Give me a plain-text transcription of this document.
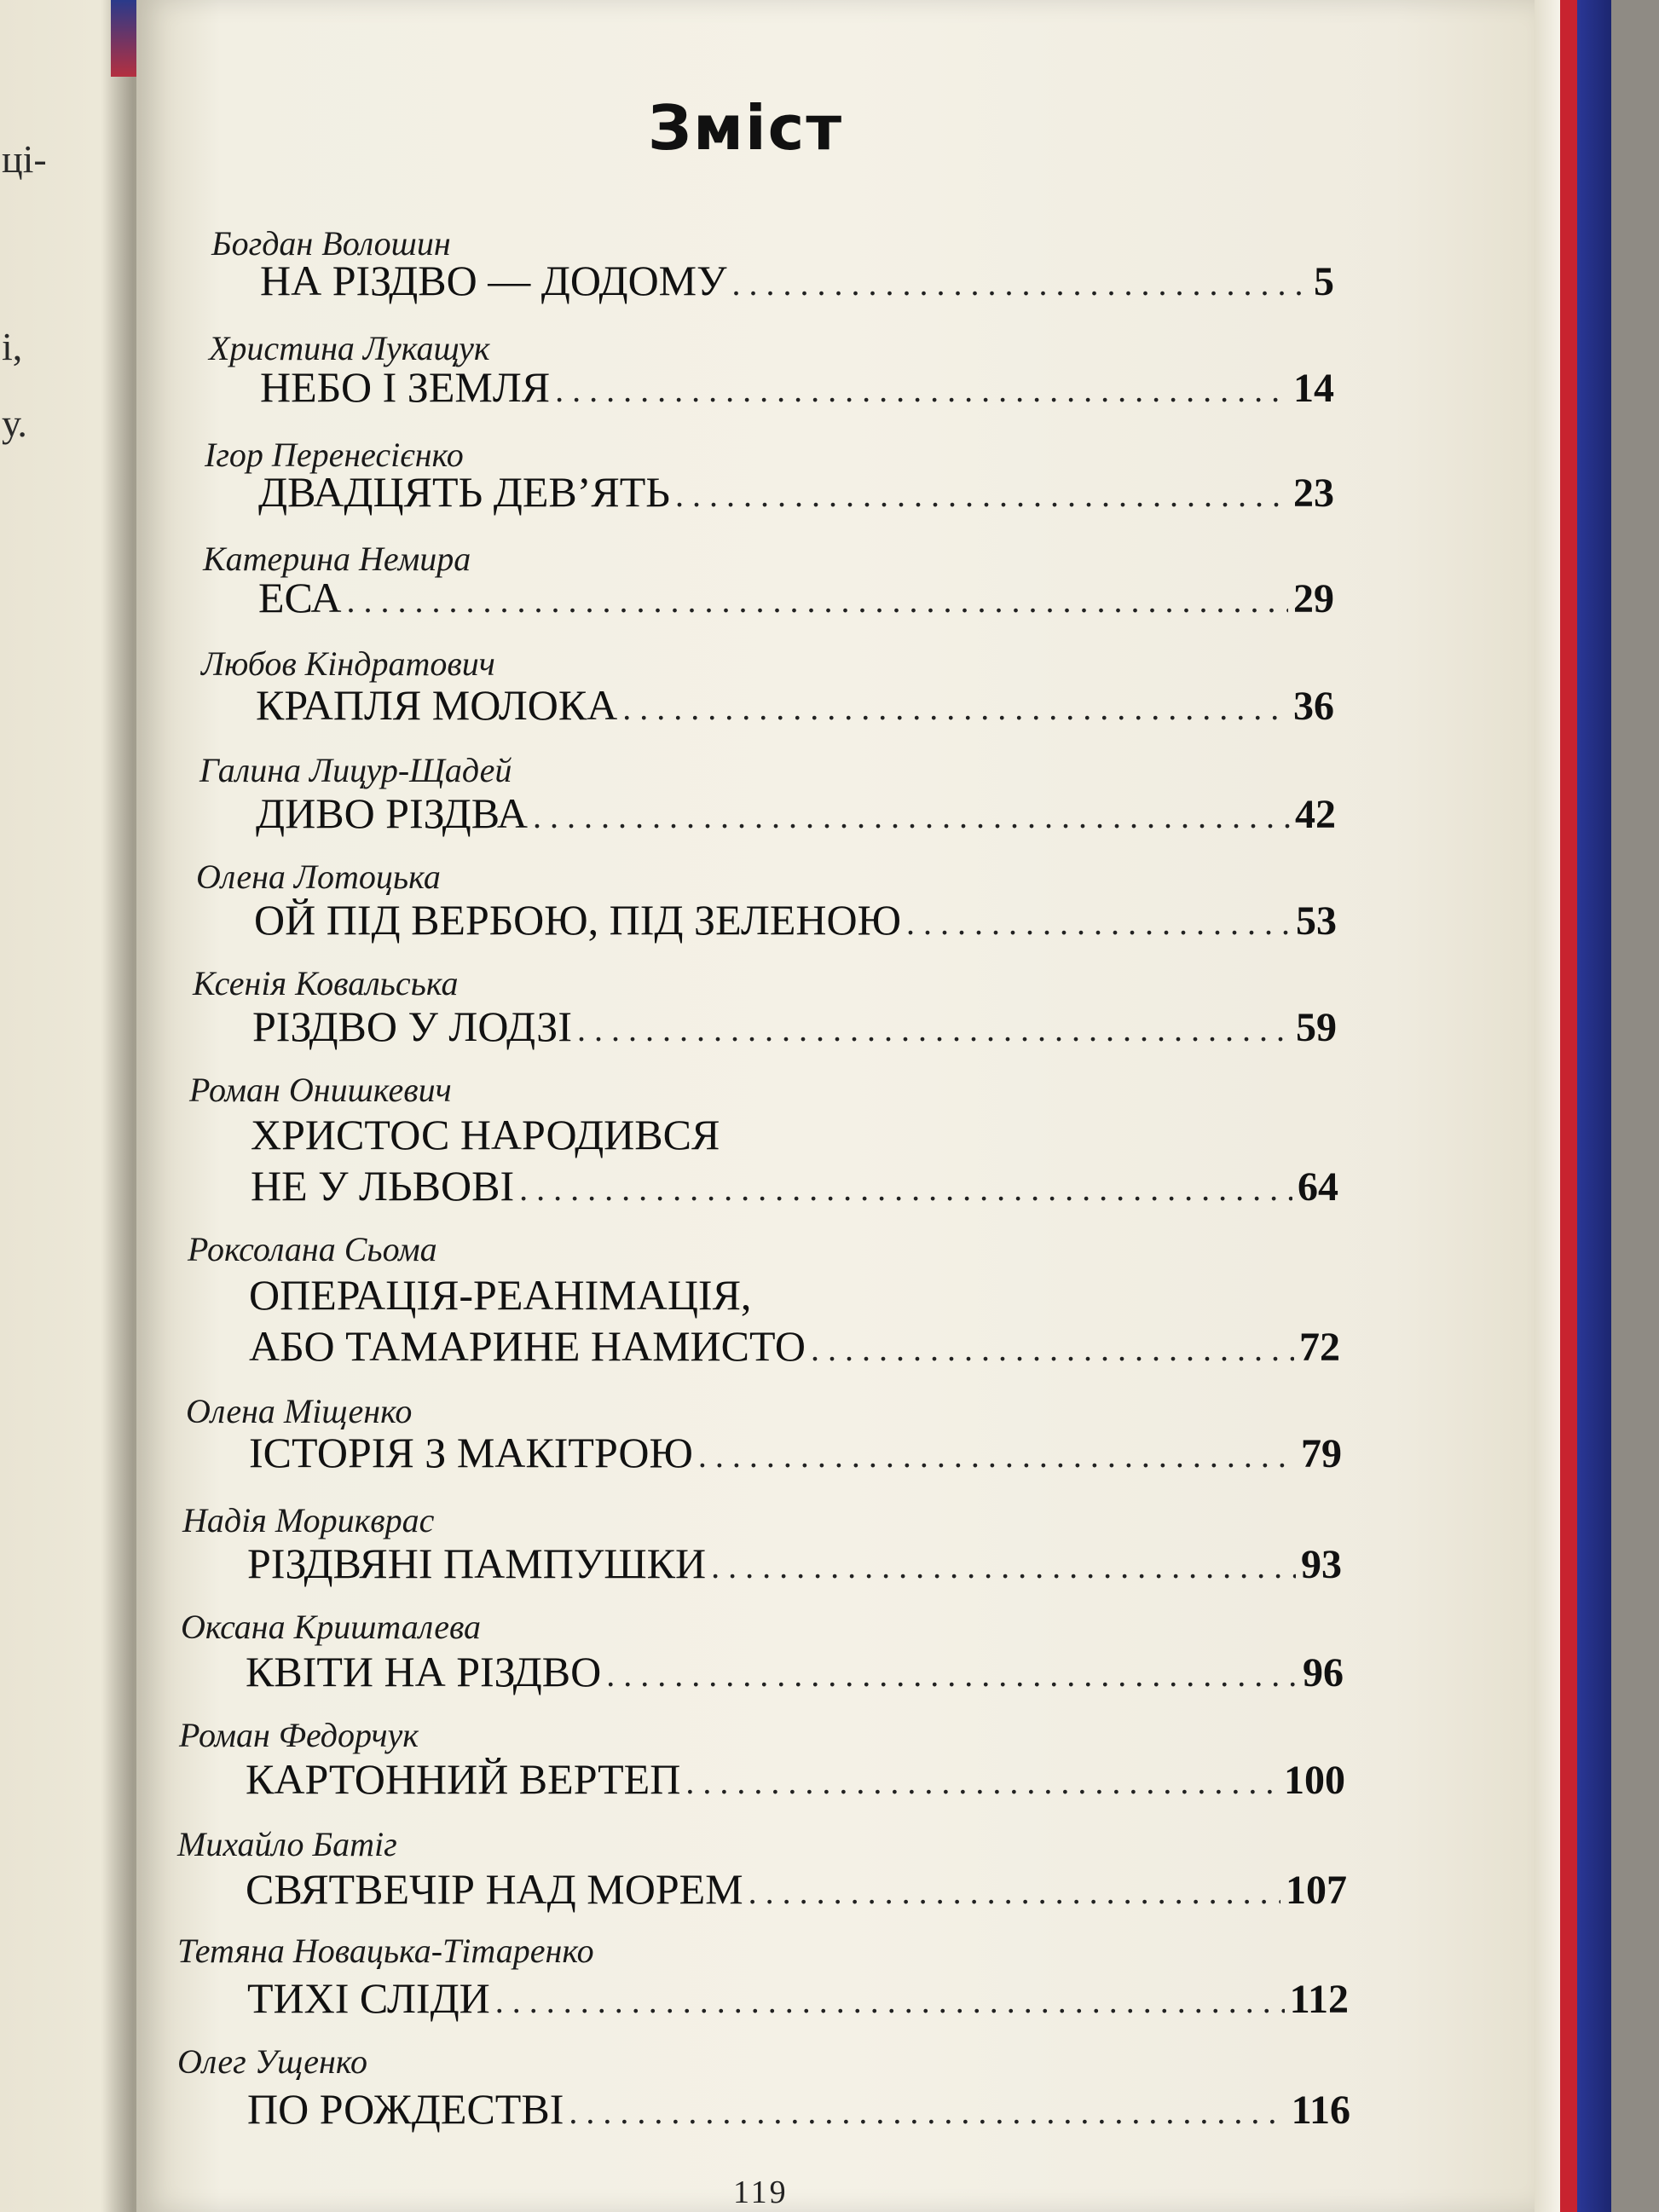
ці-
і,
у.
Зміст
Богдан Волошин
НА РІЗДВО — ДОДОМУ . . .	5
Христина Лукащук
НЕБО І ЗЕМЛЯ . . .	14
Ігор Перенесієнко
ДВАДЦЯТЬ ДЕВ’ЯТЬ . . .	23
Катерина Немира
ЕСА . . .	29
Любов Кіндратович
КРАПЛЯ МОЛОКА . . .	36
Галина Лицур-Щадей
ДИВО РІЗДВА . . .	42
Олена Лотоцька
ОЙ ПІД ВЕРБОЮ, ПІД ЗЕЛЕНОЮ . . .	53
Ксенія Ковальська
РІЗДВО У ЛОДЗІ . . .	59
Роман Онишкевич
ХРИСТОС НАРОДИВСЯ
НЕ У ЛЬВОВІ . . .	64
Роксолана Сьома
ОПЕРАЦІЯ-РЕАНІМАЦІЯ,
АБО ТАМАРИНЕ НАМИСТО . . .	72
Олена Міщенко
ІСТОРІЯ З МАКІТРОЮ . . .	79
Надія Морикврас
РІЗДВЯНІ ПАМПУШКИ . . .	93
Оксана Кришталева
КВІТИ НА РІЗДВО . . .	96
Роман Федорчук
КАРТОННИЙ ВЕРТЕП . . .	100
Михайло Батіг
СВЯТВЕЧІР НАД МОРЕМ . . .	107
Тетяна Новацька-Тітаренко
ТИХІ СЛІДИ . . .	112
Олег Ущенко
ПО РОЖДЕСТВІ . . .	116
119
